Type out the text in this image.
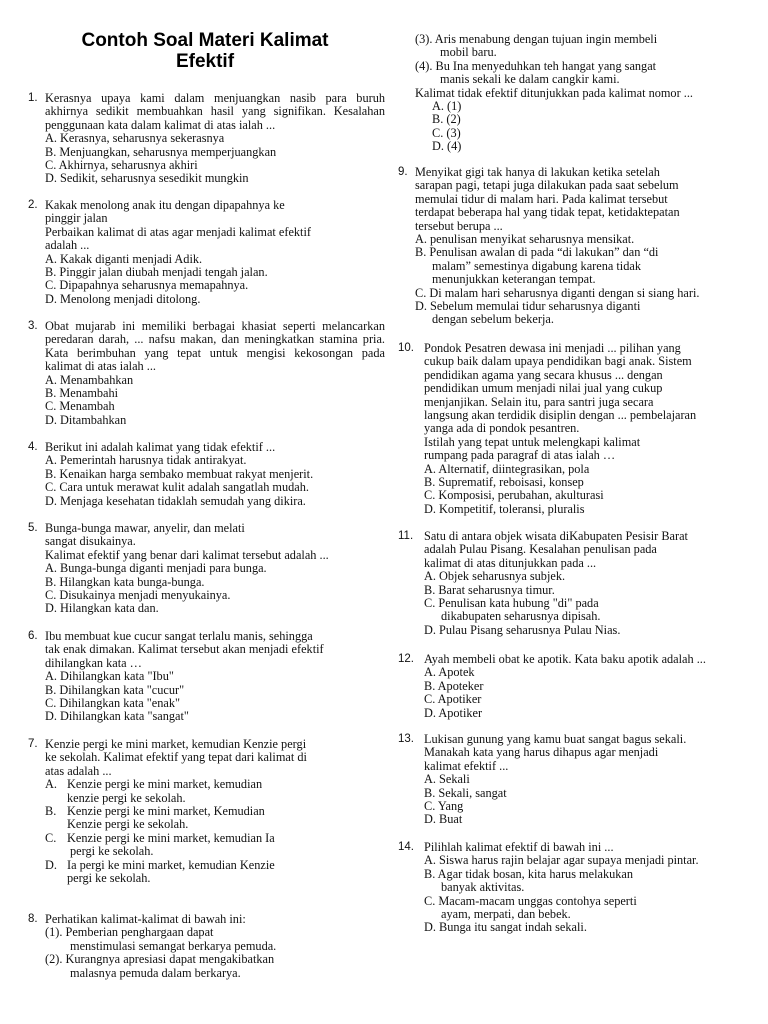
Contoh Soal Materi Kalimat
Efektif
1. Kerasnya upaya kami dalam menjuangkan nasib para buruh akhirnya sedikit membuahkan hasil yang signifikan. Kesalahan penggunaan kata dalam kalimat di atas ialah ...
A. Kerasnya, seharusnya sekerasnya
B. Menjuangkan, seharusnya memperjuangkan
C. Akhirnya, seharusnya akhiri
D. Sedikit, seharusnya sesedikit mungkin
2. Kakak menolong anak itu dengan dipapahnya ke
pinggir jalan
Perbaikan kalimat di atas agar menjadi kalimat efektif
adalah ...
A. Kakak diganti menjadi Adik.
B. Pinggir jalan diubah menjadi tengah jalan.
C. Dipapahnya seharusnya memapahnya.
D. Menolong menjadi ditolong.
3. Obat mujarab ini memiliki berbagai khasiat seperti melancarkan peredaran darah, ... nafsu makan, dan meningkatkan stamina pria. Kata berimbuhan yang tepat untuk mengisi kekosongan pada kalimat di atas ialah ...
A. Menambahkan
B. Menambahi
C. Menambah
D. Ditambahkan
4. Berikut ini adalah kalimat yang tidak efektif ...
A. Pemerintah harusnya tidak antirakyat.
B. Kenaikan harga sembako membuat rakyat menjerit.
C. Cara untuk merawat kulit adalah sangatlah mudah.
D. Menjaga kesehatan tidaklah semudah yang dikira.
5. Bunga-bunga mawar, anyelir, dan melati
sangat disukainya.
Kalimat efektif yang benar dari kalimat tersebut adalah ...
A. Bunga-bunga diganti menjadi para bunga.
B. Hilangkan kata bunga-bunga.
C. Disukainya menjadi menyukainya.
D. Hilangkan kata dan.
6. Ibu membuat kue cucur sangat terlalu manis, sehingga
tak enak dimakan. Kalimat tersebut akan menjadi efektif
dihilangkan kata …
A. Dihilangkan kata "Ibu"
B. Dihilangkan kata "cucur"
C. Dihilangkan kata "enak"
D. Dihilangkan kata "sangat"
7. Kenzie pergi ke mini market, kemudian Kenzie pergi
ke sekolah. Kalimat efektif yang tepat dari kalimat di
atas adalah ...
A. Kenzie pergi ke mini market, kemudian
kenzie pergi ke sekolah.
B. Kenzie pergi ke mini market, Kemudian
Kenzie pergi ke sekolah.
C. Kenzie pergi ke mini market, kemudian Ia
pergi ke sekolah.
D. Ia pergi ke mini market, kemudian Kenzie
pergi ke sekolah.
8. Perhatikan kalimat-kalimat di bawah ini:
(1). Pemberian penghargaan dapat
menstimulasi semangat berkarya pemuda.
(2). Kurangnya apresiasi dapat mengakibatkan
malasnya pemuda dalam berkarya.
(3). Aris menabung dengan tujuan ingin membeli
mobil baru.
(4). Bu Ina menyeduhkan teh hangat yang sangat
manis sekali ke dalam cangkir kami.
Kalimat tidak efektif ditunjukkan pada kalimat nomor ...
A. (1)
B. (2)
C. (3)
D. (4)
9. Menyikat gigi tak hanya di lakukan ketika setelah
sarapan pagi, tetapi juga dilakukan pada saat sebelum
memulai tidur di malam hari. Pada kalimat tersebut
terdapat beberapa hal yang tidak tepat, ketidaktepatan
tersebut berupa ...
A. penulisan menyikat seharusnya mensikat.
B. Penulisan awalan di pada “di lakukan” dan “di
malam” semestinya digabung karena tidak
menunjukkan keterangan tempat.
C. Di malam hari seharusnya diganti dengan si siang hari.
D. Sebelum memulai tidur seharusnya diganti
dengan sebelum bekerja.
10. Pondok Pesatren dewasa ini menjadi ... pilihan yang
cukup baik dalam upaya pendidikan bagi anak. Sistem
pendidikan agama yang secara khusus ... dengan
pendidikan umum menjadi nilai jual yang cukup
menjanjikan. Selain itu, para santri juga secara
langsung akan terdidik disiplin dengan ... pembelajaran
yanga ada di pondok pesantren.
Istilah yang tepat untuk melengkapi kalimat
rumpang pada paragraf di atas ialah …
A. Alternatif, diintegrasikan, pola
B. Suprematif, reboisasi, konsep
C. Komposisi, perubahan, akulturasi
D. Kompetitif, toleransi, pluralis
11. Satu di antara objek wisata diKabupaten Pesisir Barat
adalah Pulau Pisang. Kesalahan penulisan pada
kalimat di atas ditunjukkan pada ...
A. Objek seharusnya subjek.
B. Barat seharusnya timur.
C. Penulisan kata hubung "di" pada
dikabupaten seharusnya dipisah.
D. Pulau Pisang seharusnya Pulau Nias.
12. Ayah membeli obat ke apotik. Kata baku apotik adalah ...
A. Apotek
B. Apoteker
C. Apotiker
D. Apotiker
13. Lukisan gunung yang kamu buat sangat bagus sekali.
Manakah kata yang harus dihapus agar menjadi
kalimat efektif ...
A. Sekali
B. Sekali, sangat
C. Yang
D. Buat
14. Pilihlah kalimat efektif di bawah ini ...
A. Siswa harus rajin belajar agar supaya menjadi pintar.
B. Agar tidak bosan, kita harus melakukan
banyak aktivitas.
C. Macam-macam unggas contohya seperti
ayam, merpati, dan bebek.
D. Bunga itu sangat indah sekali.
